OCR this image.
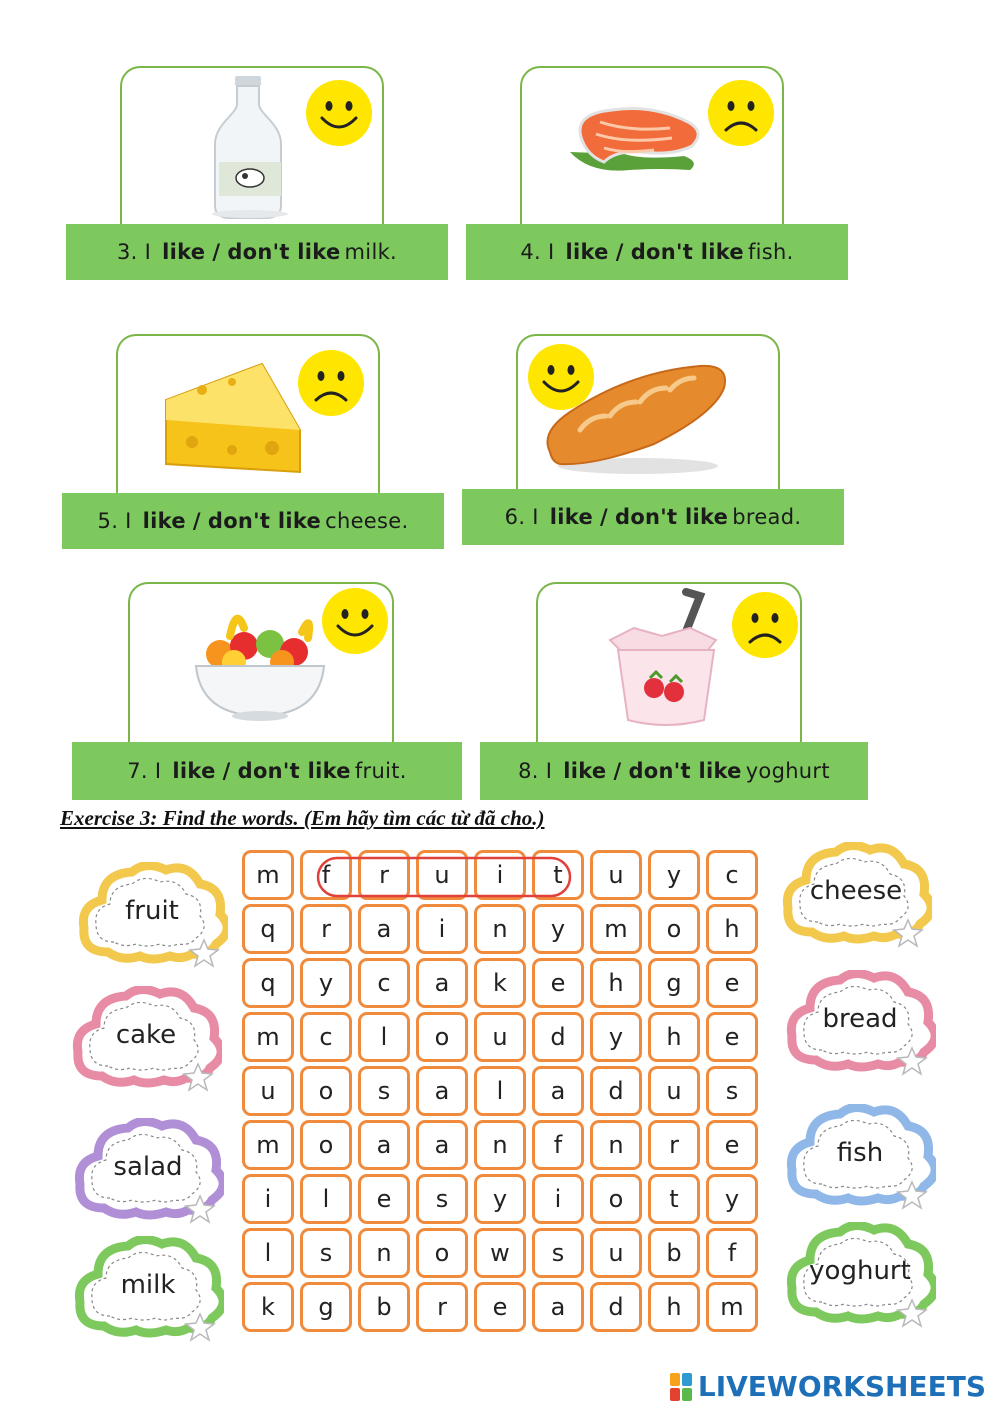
3.
I
like / don't like milk.	4.
I
like / don't like fish.
5.
I
like / don't like cheese.	6.
I
like / don't like bread.
7.
I
like / don't like fruit.	8.
I
like / don't like yoghurt
Exercise 3: Find the words. (Em hãy tìm các từ đã cho.)
m	f	r	u	i	t	u	y	c
q	r	a	i	n	y	m	o	h
q	y	c	a	k	e	h	g	e
m	c	l	o	u	d	y	h	e
u	o	s	a	l	a	d	u	s
m	o	a	a	n	f	n	r	e
i	l	e	s	y	i	o	t	y
l	s	n	o	w	s	u	b	f
k	g	b	r	e	a	d	h	m
fruit
cake
salad
milk
cheese
bread
fish
yoghurt
LIVEWORKSHEETS
